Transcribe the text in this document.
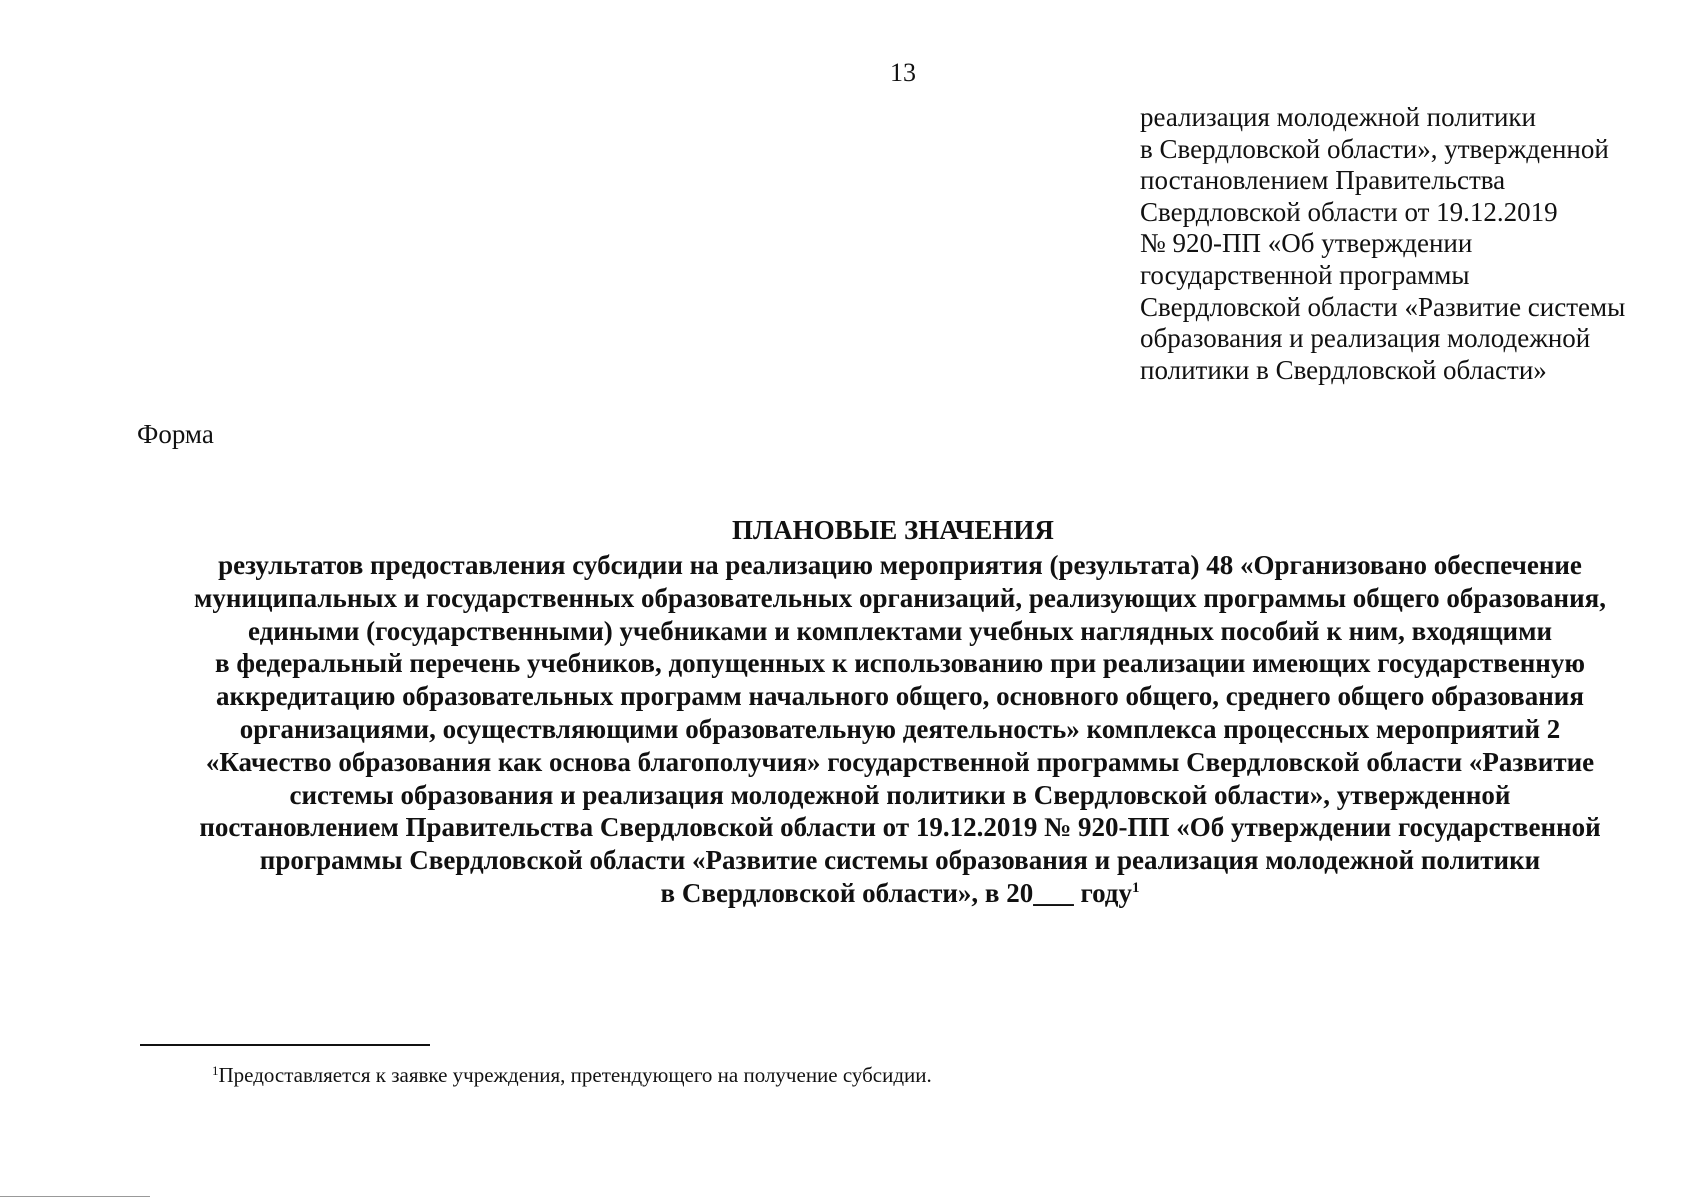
13
реализация молодежной политики
в Свердловской области», утвержденной
постановлением Правительства
Свердловской области от 19.12.2019
№ 920-ПП «Об утверждении
государственной программы
Свердловской области «Развитие системы
образования и реализация молодежной
политики в Свердловской области»
Форма
ПЛАНОВЫЕ ЗНАЧЕНИЯ
результатов предоставления субсидии на реализацию мероприятия (результата) 48 «Организовано обеспечение
муниципальных и государственных образовательных организаций, реализующих программы общего образования,
едиными (государственными) учебниками и комплектами учебных наглядных пособий к ним, входящими
в федеральный перечень учебников, допущенных к использованию при реализации имеющих государственную
аккредитацию образовательных программ начального общего, основного общего, среднего общего образования
организациями, осуществляющими образовательную деятельность» комплекса процессных мероприятий 2
«Качество образования как основа благополучия» государственной программы Свердловской области «Развитие
системы образования и реализация молодежной политики в Свердловской области», утвержденной
постановлением Правительства Свердловской области от 19.12.2019 № 920-ПП «Об утверждении государственной
программы Свердловской области «Развитие системы образования и реализация молодежной политики
в Свердловской области», в 20___ году$^1$
$^1$Предоставляется к заявке учреждения, претендующего на получение субсидии.
